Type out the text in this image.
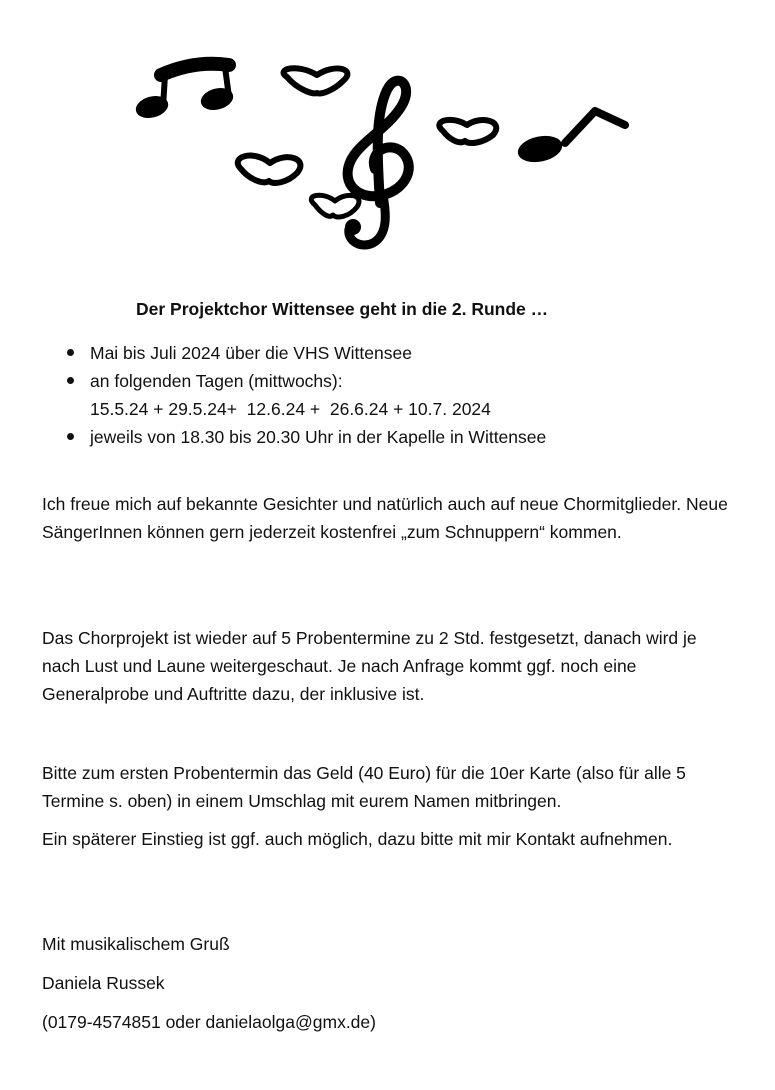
Der Projektchor Wittensee geht in die 2. Runde …
Mai bis Juli 2024 über die VHS Wittensee
an folgenden Tagen (mittwochs):
15.5.24 + 29.5.24+  12.6.24 +  26.6.24 + 10.7. 2024
jeweils von 18.30 bis 20.30 Uhr in der Kapelle in Wittensee

Ich freue mich auf bekannte Gesichter und natürlich auch auf neue Chormitglieder. Neue SängerInnen können gern jederzeit kostenfrei „zum Schnuppern“ kommen.

Das Chorprojekt ist wieder auf 5 Probentermine zu 2 Std. festgesetzt, danach wird je nach Lust und Laune weitergeschaut. Je nach Anfrage kommt ggf. noch eine Generalprobe und Auftritte dazu, der inklusive ist.

Bitte zum ersten Probentermin das Geld (40 Euro) für die 10er Karte (also für alle 5 Termine s. oben) in einem Umschlag mit eurem Namen mitbringen.

Ein späterer Einstieg ist ggf. auch möglich, dazu bitte mit mir Kontakt aufnehmen.

Mit musikalischem Gruß
Daniela Russek
(0179-4574851 oder danielaolga@gmx.de)
